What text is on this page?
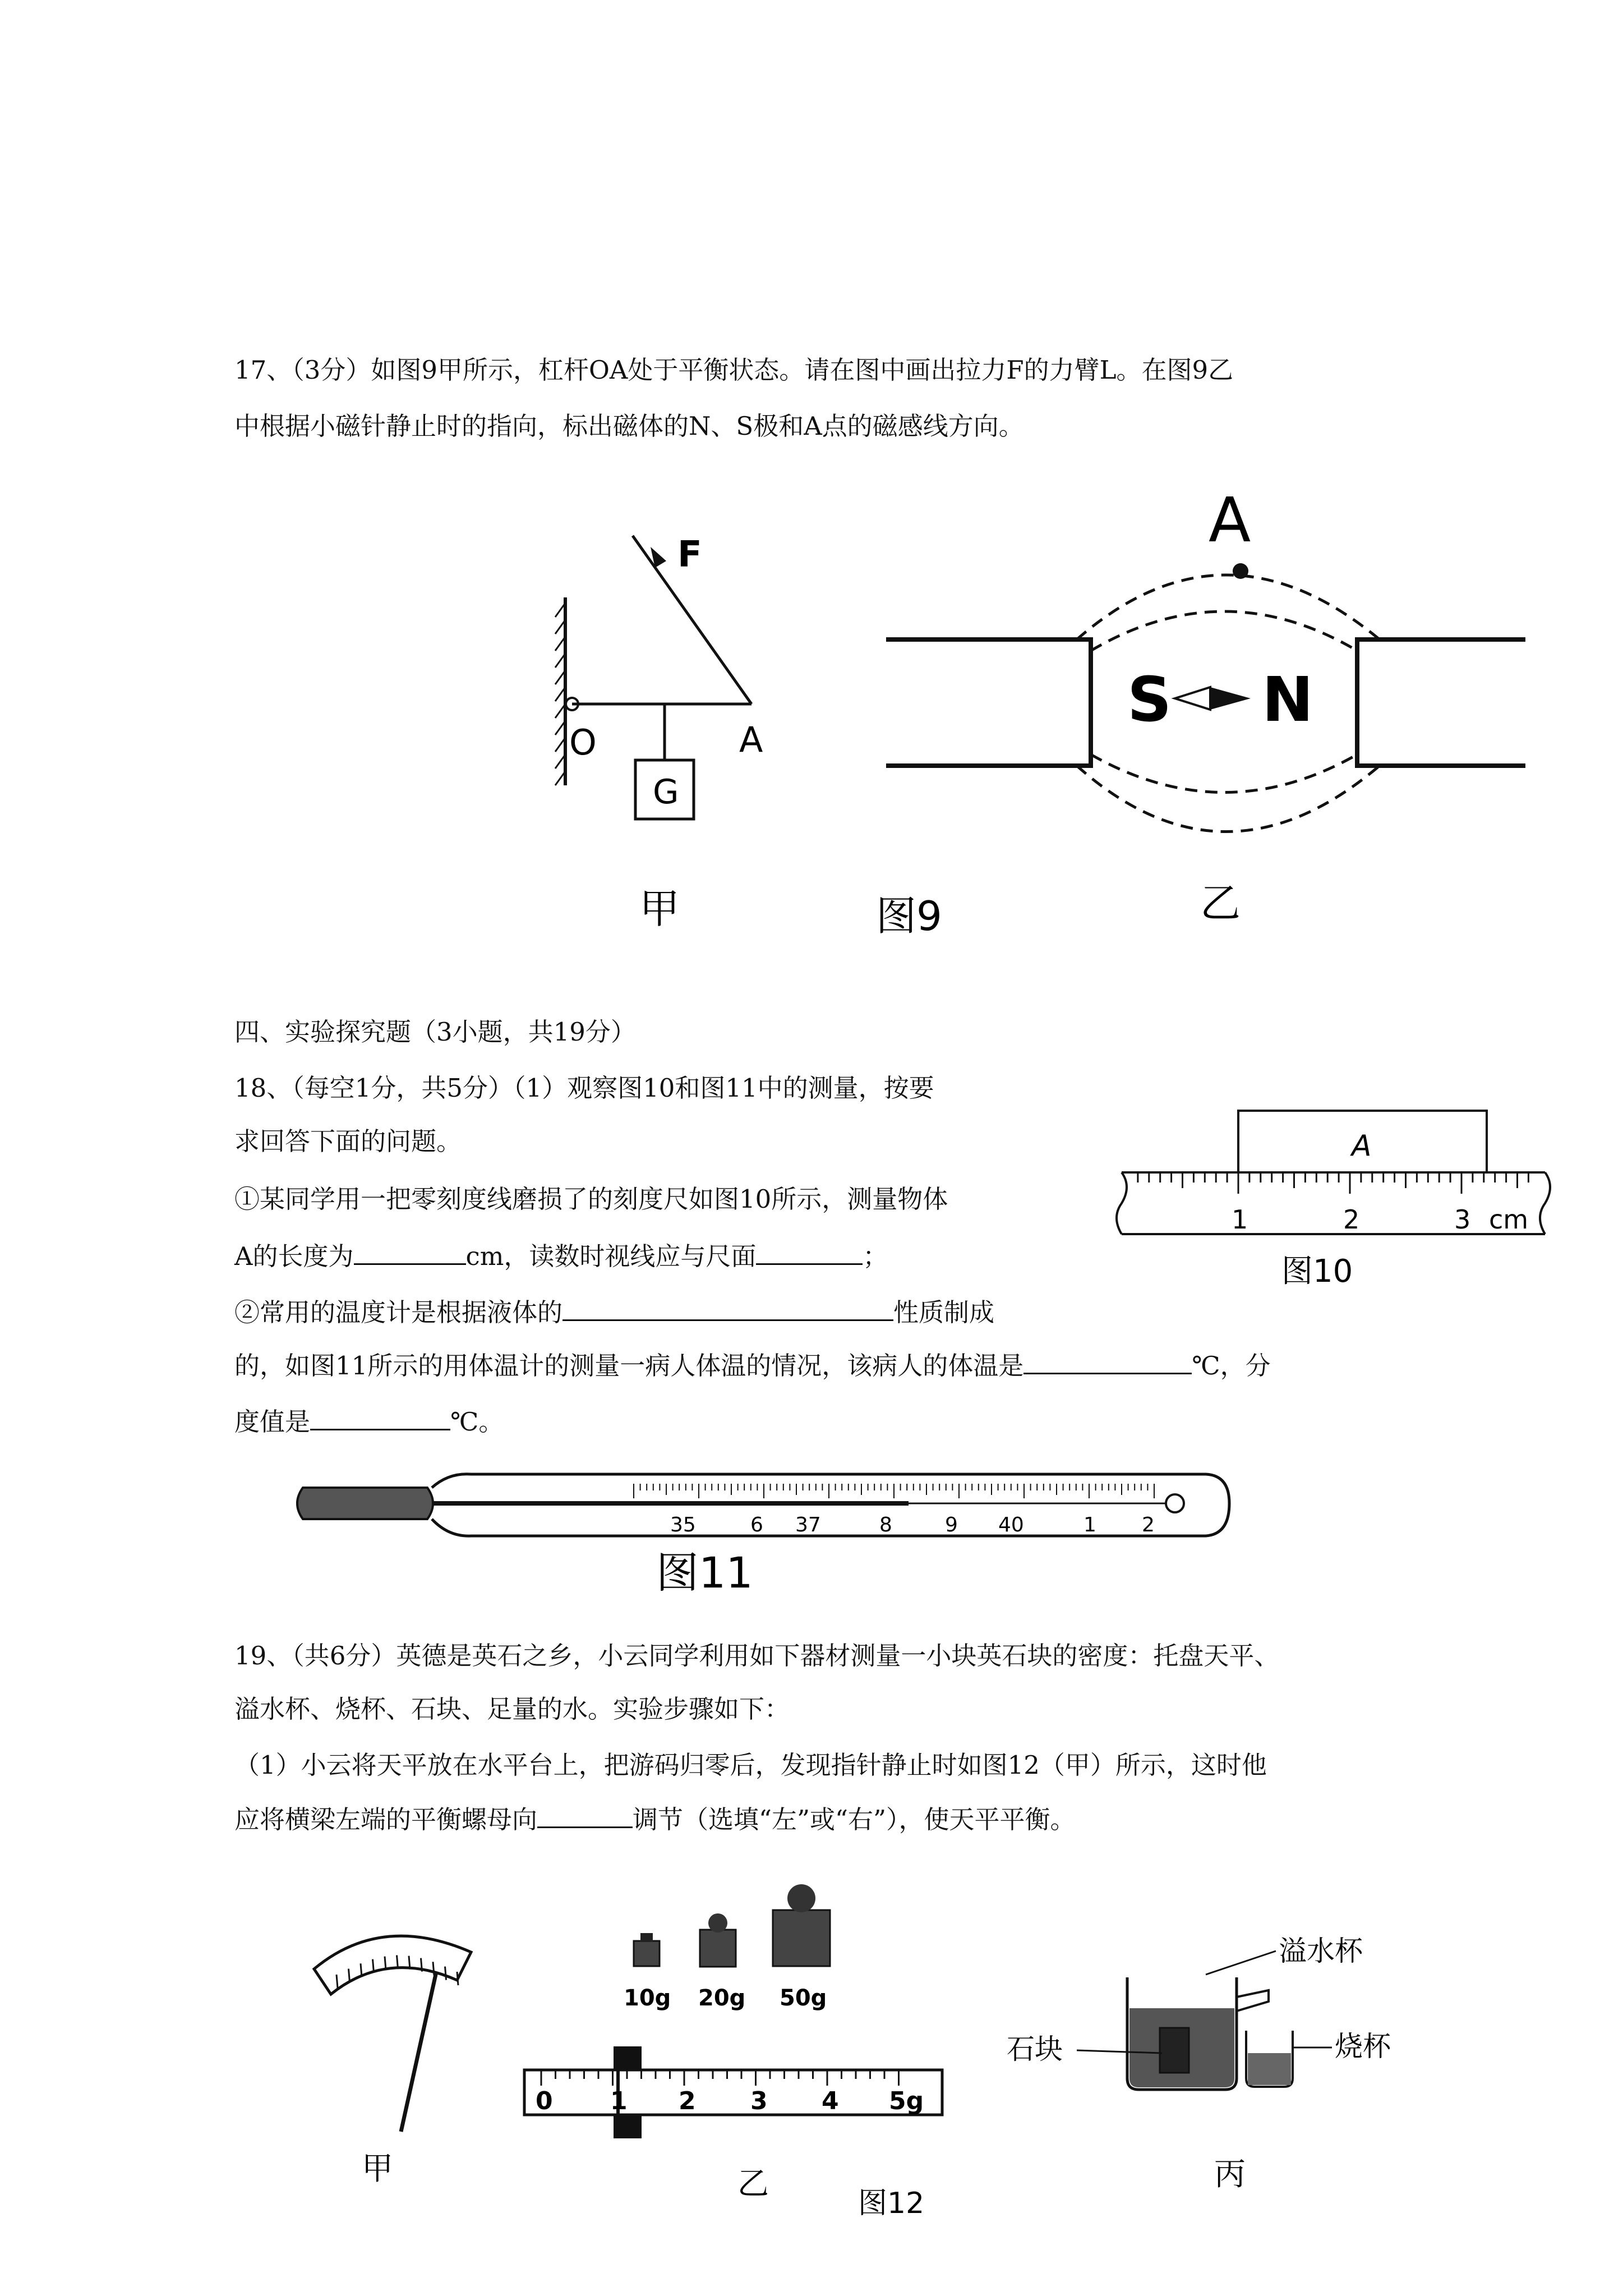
17、（3分）如图9甲所示，杠杆OA处于平衡状态。请在图中画出拉力F的力臂L。在图9乙
中根据小磁针静止时的指向，标出磁体的N、S极和A点的磁感线方向。
F
O	A
G
甲	图9
A
S N
乙
四、实验探究题（3小题，共19分）
18、（每空1分，共5分）（1）观察图10和图11中的测量，按要
求回答下面的问题。
①某同学用一把零刻度线磨损了的刻度尺如图10所示，测量物体
A的长度为	cm，读数时视线应与尺面	；
②常用的温度计是根据液体的	性质制成
的，如图11所示的用体温计的测量一病人体温的情况，该病人的体温是	℃，分
度值是	℃。
A
1	2	3 cm
图10
35	6 37	8	9 40	1 2
图11
19、（共6分）英德是英石之乡，小云同学利用如下器材测量一小块英石块的密度：托盘天平、
溢水杯、烧杯、石块、足量的水。实验步骤如下：
（1）小云将天平放在水平台上，把游码归零后，发现指针静止时如图12（甲）所示，这时他
应将横梁左端的平衡螺母向	调节（选填“左”或“右”），使天平平衡。
甲
10g 20g 50g
0 1 2 3 4 5g
乙
图12
溢水杯
石块	烧杯
丙
